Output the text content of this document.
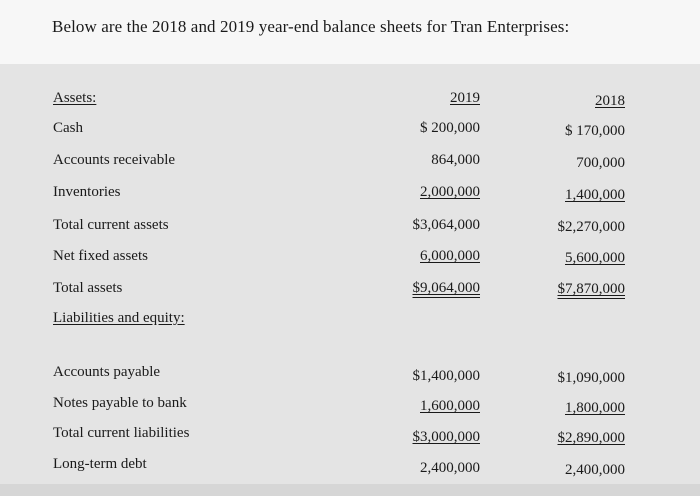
Below are the 2018 and 2019 year-end balance sheets for Tran Enterprises:
Assets:	2019	2018
Cash	$ 200,000	$ 170,000
Accounts receivable	864,000	700,000
Inventories	2,000,000	1,400,000
Total current assets	$3,064,000	$2,270,000
Net fixed assets	6,000,000	5,600,000
Total assets	$9,064,000	$7,870,000
Liabilities and equity:
Accounts payable	$1,400,000	$1,090,000
Notes payable to bank	1,600,000	1,800,000
Total current liabilities	$3,000,000	$2,890,000
Long-term debt	2,400,000	2,400,000
